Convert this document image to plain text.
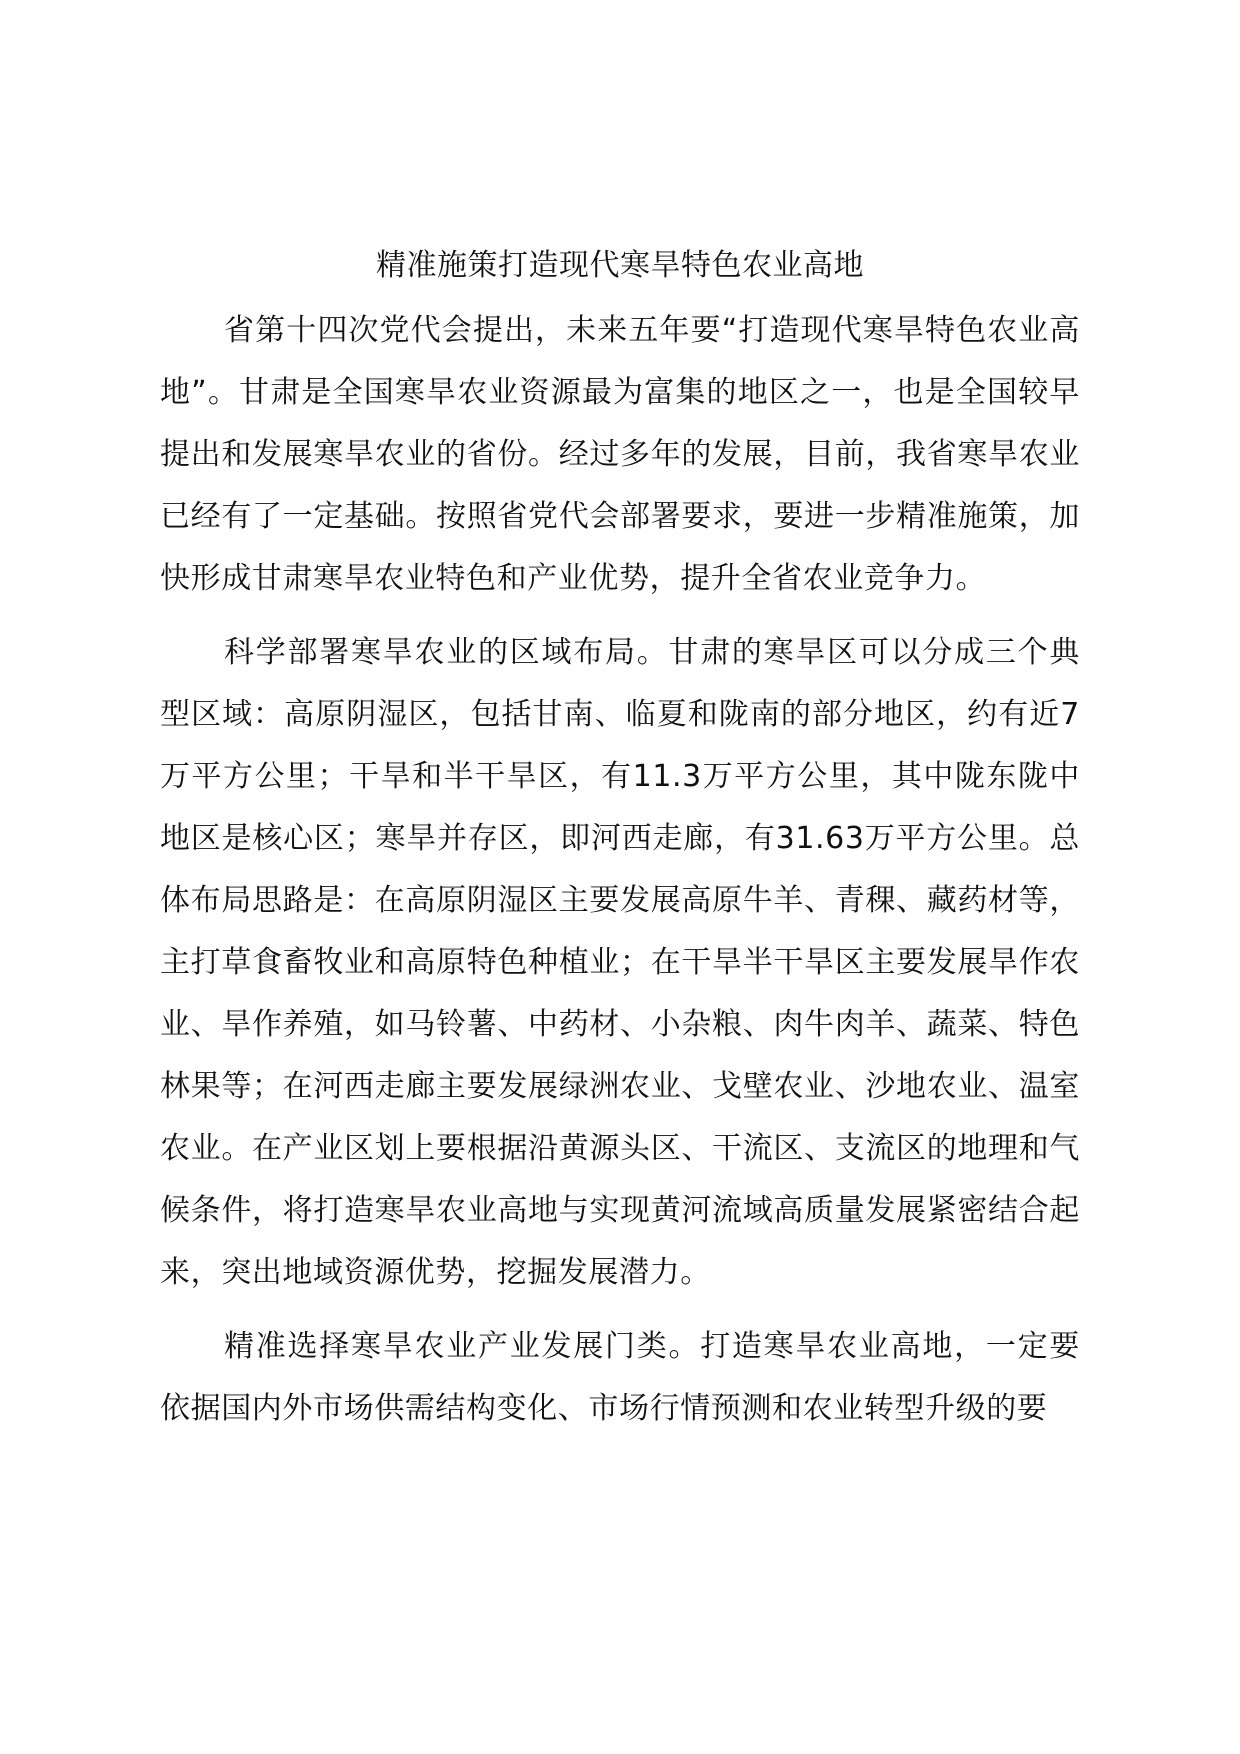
精准施策打造现代寒旱特色农业高地

省第十四次党代会提出，未来五年要“打造现代寒旱特色农业高地”。甘肃是全国寒旱农业资源最为富集的地区之一，也是全国较早提出和发展寒旱农业的省份。经过多年的发展，目前，我省寒旱农业已经有了一定基础。按照省党代会部署要求，要进一步精准施策，加快形成甘肃寒旱农业特色和产业优势，提升全省农业竞争力。

科学部署寒旱农业的区域布局。甘肃的寒旱区可以分成三个典型区域：高原阴湿区，包括甘南、临夏和陇南的部分地区，约有近7万平方公里；干旱和半干旱区，有11.3万平方公里，其中陇东陇中地区是核心区；寒旱并存区，即河西走廊，有31.63万平方公里。总体布局思路是：在高原阴湿区主要发展高原牛羊、青稞、藏药材等，主打草食畜牧业和高原特色种植业；在干旱半干旱区主要发展旱作农业、旱作养殖，如马铃薯、中药材、小杂粮、肉牛肉羊、蔬菜、特色林果等；在河西走廊主要发展绿洲农业、戈壁农业、沙地农业、温室农业。在产业区划上要根据沿黄源头区、干流区、支流区的地理和气候条件，将打造寒旱农业高地与实现黄河流域高质量发展紧密结合起来，突出地域资源优势，挖掘发展潜力。

精准选择寒旱农业产业发展门类。打造寒旱农业高地，一定要依据国内外市场供需结构变化、市场行情预测和农业转型升级的要
